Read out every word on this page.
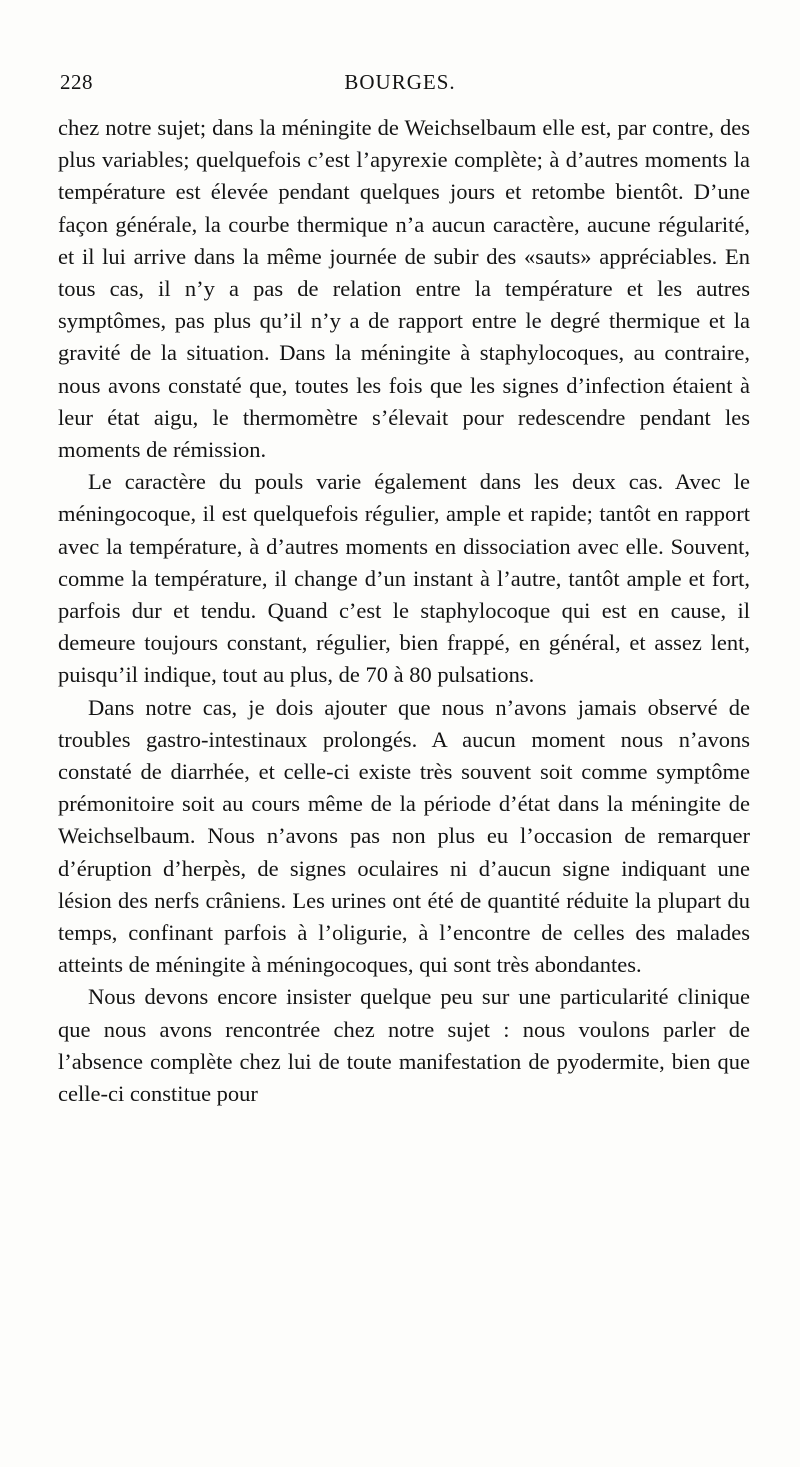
228	BOURGES.

chez notre sujet; dans la méningite de Weichselbaum elle est, par contre, des plus variables; quelquefois c’est l’apyrexie complète; à d’autres moments la température est élevée pendant quelques jours et retombe bientôt. D’une façon générale, la courbe thermique n’a aucun caractère, aucune régularité, et il lui arrive dans la même journée de subir des «sauts» appréciables. En tous cas, il n’y a pas de relation entre la température et les autres symptômes, pas plus qu’il n’y a de rapport entre le degré thermique et la gravité de la situation. Dans la méningite à staphylocoques, au contraire, nous avons constaté que, toutes les fois que les signes d’infection étaient à leur état aigu, le thermomètre s’élevait pour redescendre pendant les moments de rémission.

Le caractère du pouls varie également dans les deux cas. Avec le méningocoque, il est quelquefois régulier, ample et rapide; tantôt en rapport avec la température, à d’autres moments en dissociation avec elle. Souvent, comme la température, il change d’un instant à l’autre, tantôt ample et fort, parfois dur et tendu. Quand c’est le staphylocoque qui est en cause, il demeure toujours constant, régulier, bien frappé, en général, et assez lent, puisqu’il indique, tout au plus, de 70 à 80 pulsations.

Dans notre cas, je dois ajouter que nous n’avons jamais observé de troubles gastro-intestinaux prolongés. A aucun moment nous n’avons constaté de diarrhée, et celle-ci existe très souvent soit comme symptôme prémonitoire soit au cours même de la période d’état dans la méningite de Weichselbaum. Nous n’avons pas non plus eu l’occasion de remarquer d’éruption d’herpès, de signes oculaires ni d’aucun signe indiquant une lésion des nerfs crâniens. Les urines ont été de quantité réduite la plupart du temps, confinant parfois à l’oligurie, à l’encontre de celles des malades atteints de méningite à méningocoques, qui sont très abondantes.

Nous devons encore insister quelque peu sur une particularité clinique que nous avons rencontrée chez notre sujet : nous voulons parler de l’absence complète chez lui de toute manifestation de pyodermite, bien que celle-ci constitue pour
